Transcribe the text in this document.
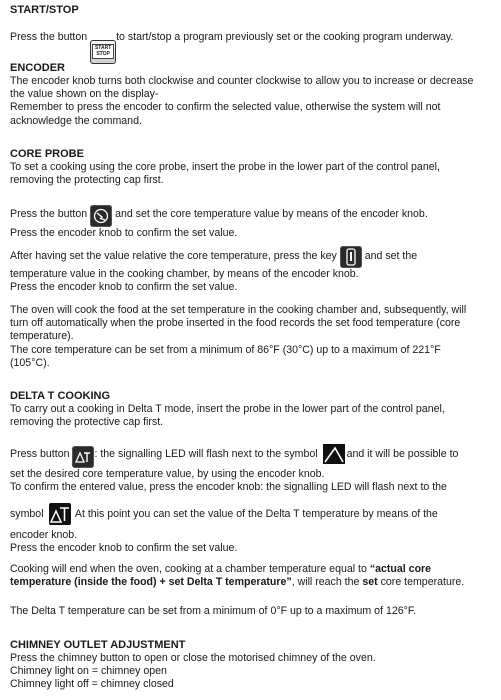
START/STOP

Press the button
START
STOP
to start/stop a program previously set or the cooking program underway.

ENCODER

The encoder knob turns both clockwise and counter clockwise to allow you to increase or decrease
the value shown on the display-
Remember to press the encoder to confirm the selected value, otherwise the system will not
acknowledge the command.

CORE PROBE

To set a cooking using the core probe, insert the probe in the lower part of the control panel,
removing the protecting cap first.

Press the button	and set the core temperature value by means of the encoder knob.
Press the encoder knob to confirm the set value.

After having set the value relative the core temperature, press the key	and set the
temperature value in the cooking chamber, by means of the encoder knob.
Press the encoder knob to confirm the set value.

The oven will cook the food at the set temperature in the cooking chamber and, subsequently, will
turn off automatically when the probe inserted in the food records the set food temperature (core
temperature).
The core temperature can be set from a minimum of 86°F (30°C) up to a maximum of 221°F
(105°C).

DELTA T COOKING

To carry out a cooking in Delta T mode, insert the probe in the lower part of the control panel,
removing the protective cap first.

Press button : the signalling LED will flash next to the symbol	and it will be possible to
set the desired core temperature value, by using the encoder knob.
To confirm the entered value, press the encoder knob: the signalling LED will flash next to the

symbol	At this point you can set the value of the Delta T temperature by means of the
encoder knob.
Press the encoder knob to confirm the set value.

Cooking will end when the oven, cooking at a chamber temperature equal to “actual core
temperature (inside the food) + set Delta T temperature”, will reach the set core temperature.

The Delta T temperature can be set from a minimum of 0°F up to a maximum of 126°F.

CHIMNEY OUTLET ADJUSTMENT

Press the chimney button to open or close the motorised chimney of the oven.
Chimney light on = chimney open
Chimney light off = chimney closed
